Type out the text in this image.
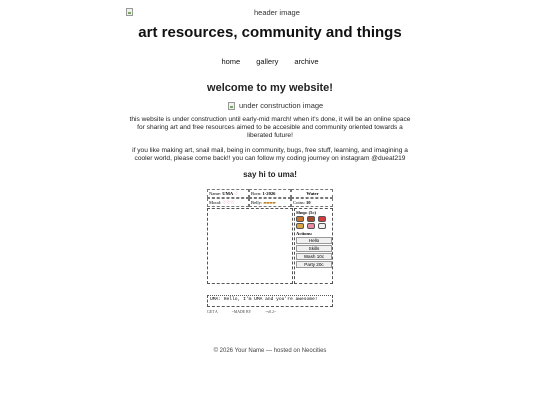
header image
art resources, community and things
home gallery archive
welcome to my website!
under construction image

this website is under construction until early-mid march! when it's done, it will be an online space for sharing art and free resources aimed to be accesible and community oriented towards a liberated future!

if you like making art, snail mail, being in community, bugs, free stuff, learning, and imagining a cooler world, please come back!! you can follow my coding journey on instagram @dueat219

say hi to uma!
Name: UMA ♡	Born: 1-2026	Water
Mood: ♡♡♡	Belly: ▰▰▰▰	Coins: 10
Shop: (5c)
Actions:
Hello
Skills
Wash 10c
Party 20c
UMA: Hello, I'm UMA and you're awesome!
GET A	~MADE BY	~v0.2~
© 2026 Your Name — hosted on Neocities
